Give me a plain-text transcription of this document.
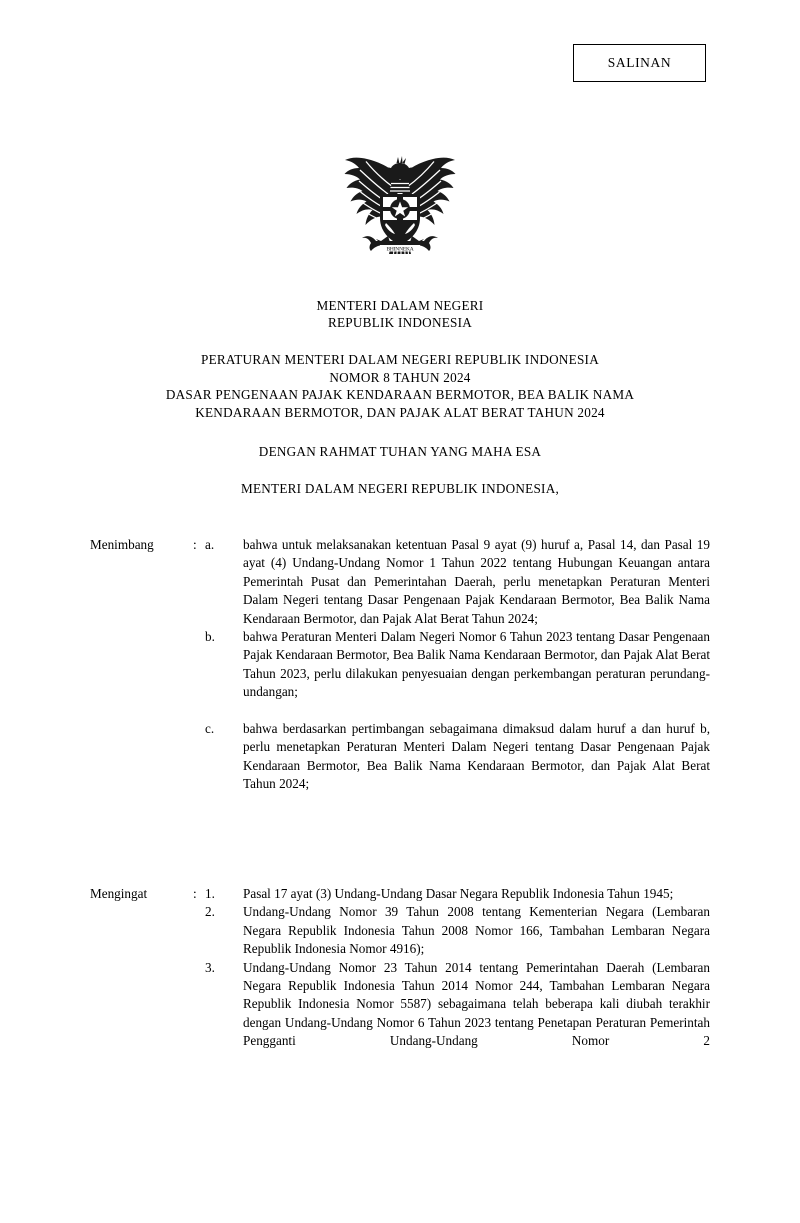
SALINAN
BHINNEKA
MENTERI DALAM NEGERI
REPUBLIK INDONESIA
PERATURAN MENTERI DALAM NEGERI REPUBLIK INDONESIA
NOMOR 8 TAHUN 2024
DASAR PENGENAAN PAJAK KENDARAAN BERMOTOR, BEA BALIK NAMA
KENDARAAN BERMOTOR, DAN PAJAK ALAT BERAT TAHUN 2024
DENGAN RAHMAT TUHAN YANG MAHA ESA
MENTERI DALAM NEGERI REPUBLIK INDONESIA,
Menimbang	: a.	bahwa untuk melaksanakan ketentuan Pasal 9 ayat (9) huruf a, Pasal 14, dan Pasal 19 ayat (4) Undang-Undang Nomor 1 Tahun 2022 tentang Hubungan Keuangan antara Pemerintah Pusat dan Pemerintahan Daerah, perlu menetapkan Peraturan Menteri Dalam Negeri tentang Dasar Pengenaan Pajak Kendaraan Bermotor, Bea Balik Nama Kendaraan Bermotor, dan Pajak Alat Berat Tahun 2024;
b.	bahwa Peraturan Menteri Dalam Negeri Nomor 6 Tahun 2023 tentang Dasar Pengenaan Pajak Kendaraan Bermotor, Bea Balik Nama Kendaraan Bermotor, dan Pajak Alat Berat Tahun 2023, perlu dilakukan penyesuaian dengan perkembangan peraturan perundang-undangan;
c.	bahwa berdasarkan pertimbangan sebagaimana dimaksud dalam huruf a dan huruf b, perlu menetapkan Peraturan Menteri Dalam Negeri tentang Dasar Pengenaan Pajak Kendaraan Bermotor, Bea Balik Nama Kendaraan Bermotor, dan Pajak Alat Berat Tahun 2024;
Mengingat	: 1.	Pasal 17 ayat (3) Undang-Undang Dasar Negara Republik Indonesia Tahun 1945;
2.	Undang-Undang Nomor 39 Tahun 2008 tentang Kementerian Negara (Lembaran Negara Republik Indonesia Tahun 2008 Nomor 166, Tambahan Lembaran Negara Republik Indonesia Nomor 4916);
3.	Undang-Undang Nomor 23 Tahun 2014 tentang Pemerintahan Daerah (Lembaran Negara Republik Indonesia Tahun 2014 Nomor 244, Tambahan Lembaran Negara Republik Indonesia Nomor 5587) sebagaimana telah beberapa kali diubah terakhir dengan Undang-Undang Nomor 6 Tahun 2023 tentang Penetapan Peraturan Pemerintah Pengganti Undang-Undang Nomor 2
